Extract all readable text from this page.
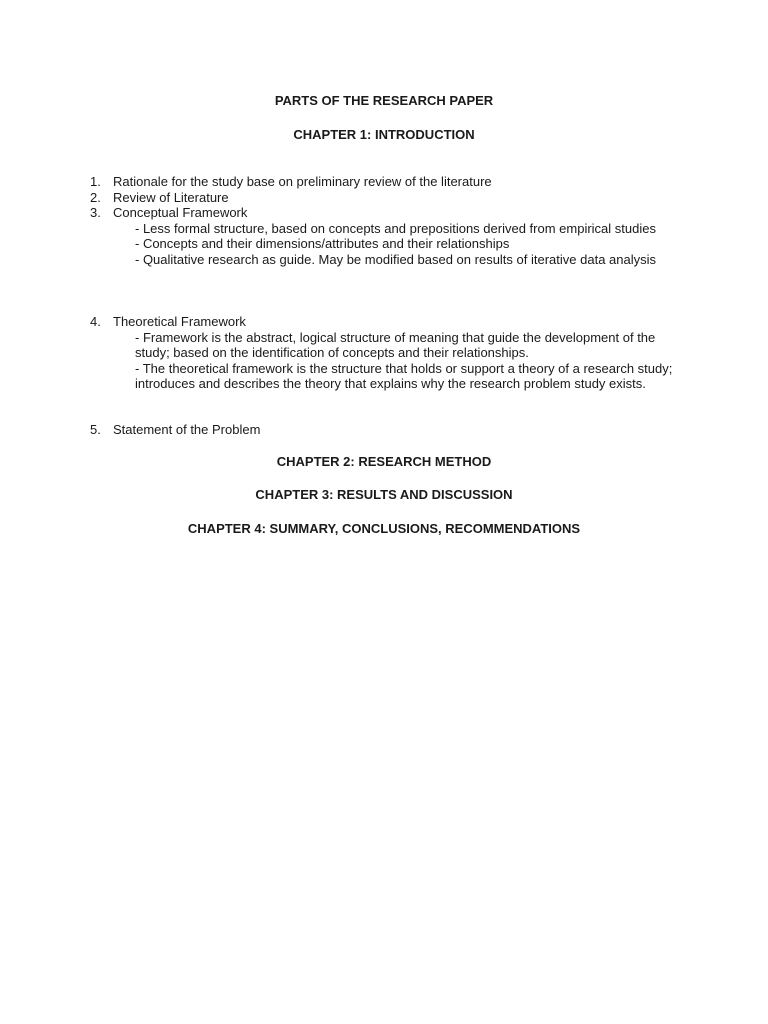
PARTS OF THE RESEARCH PAPER
CHAPTER 1: INTRODUCTION
1. Rationale for the study base on preliminary review of the literature
2. Review of Literature
3. Conceptual Framework

- Less formal structure, based on concepts and prepositions derived from empirical studies

- Concepts and their dimensions/attributes and their relationships

- Qualitative research as guide. May be modified based on results of iterative data analysis

4. Theoretical Framework

- Framework is the abstract, logical structure of meaning that guide the development of the study; based on the identification of concepts and their relationships.

- The theoretical framework is the structure that holds or support a theory of a research study; introduces and describes the theory that explains why the research problem study exists.

5. Statement of the Problem
CHAPTER 2: RESEARCH METHOD
CHAPTER 3: RESULTS AND DISCUSSION
CHAPTER 4: SUMMARY, CONCLUSIONS, RECOMMENDATIONS
